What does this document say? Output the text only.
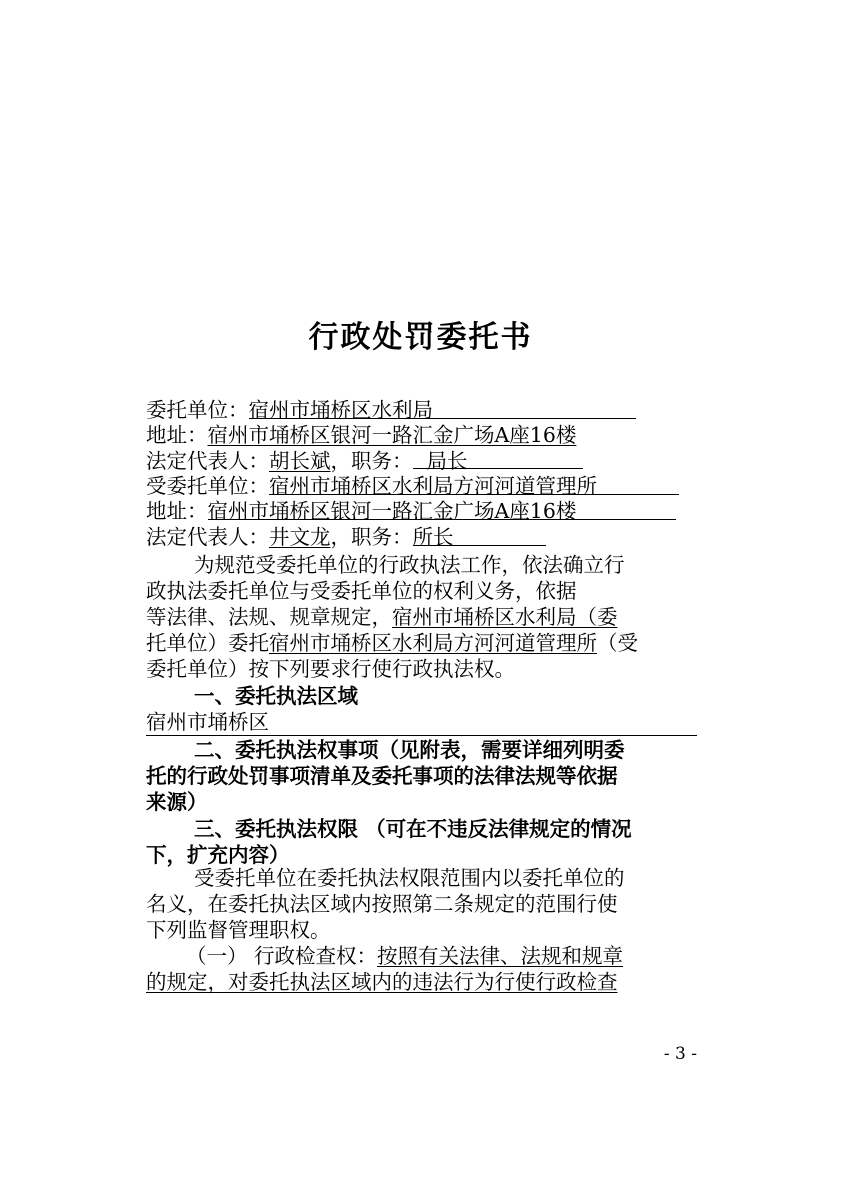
行政处罚委托书
委托单位：宿州市埇桥区水利局
地址：宿州市埇桥区银河一路汇金广场A座16楼
法定代表人：胡长斌，职务： 局长
受委托单位：宿州市埇桥区水利局方河河道管理所
地址：宿州市埇桥区银河一路汇金广场A座16楼
法定代表人：井文龙，职务：所长
为规范受委托单位的行政执法工作，依法确立行
政执法委托单位与受委托单位的权利义务，依据
等法律、法规、规章规定，宿州市埇桥区水利局（委
托单位）委托宿州市埇桥区水利局方河河道管理所（受
委托单位）按下列要求行使行政执法权。
一、委托执法区域
宿州市埇桥区
二、委托执法权事项（见附表，需要详细列明委
托的行政处罚事项清单及委托事项的法律法规等依据
来源）
三、委托执法权限 （可在不违反法律规定的情况
下，扩充内容）
受委托单位在委托执法权限范围内以委托单位的
名义，在委托执法区域内按照第二条规定的范围行使
下列监督管理职权。
（一） 行政检查权：按照有关法律、法规和规章
的规定，对委托执法区域内的违法行为行使行政检查
- 3 -
